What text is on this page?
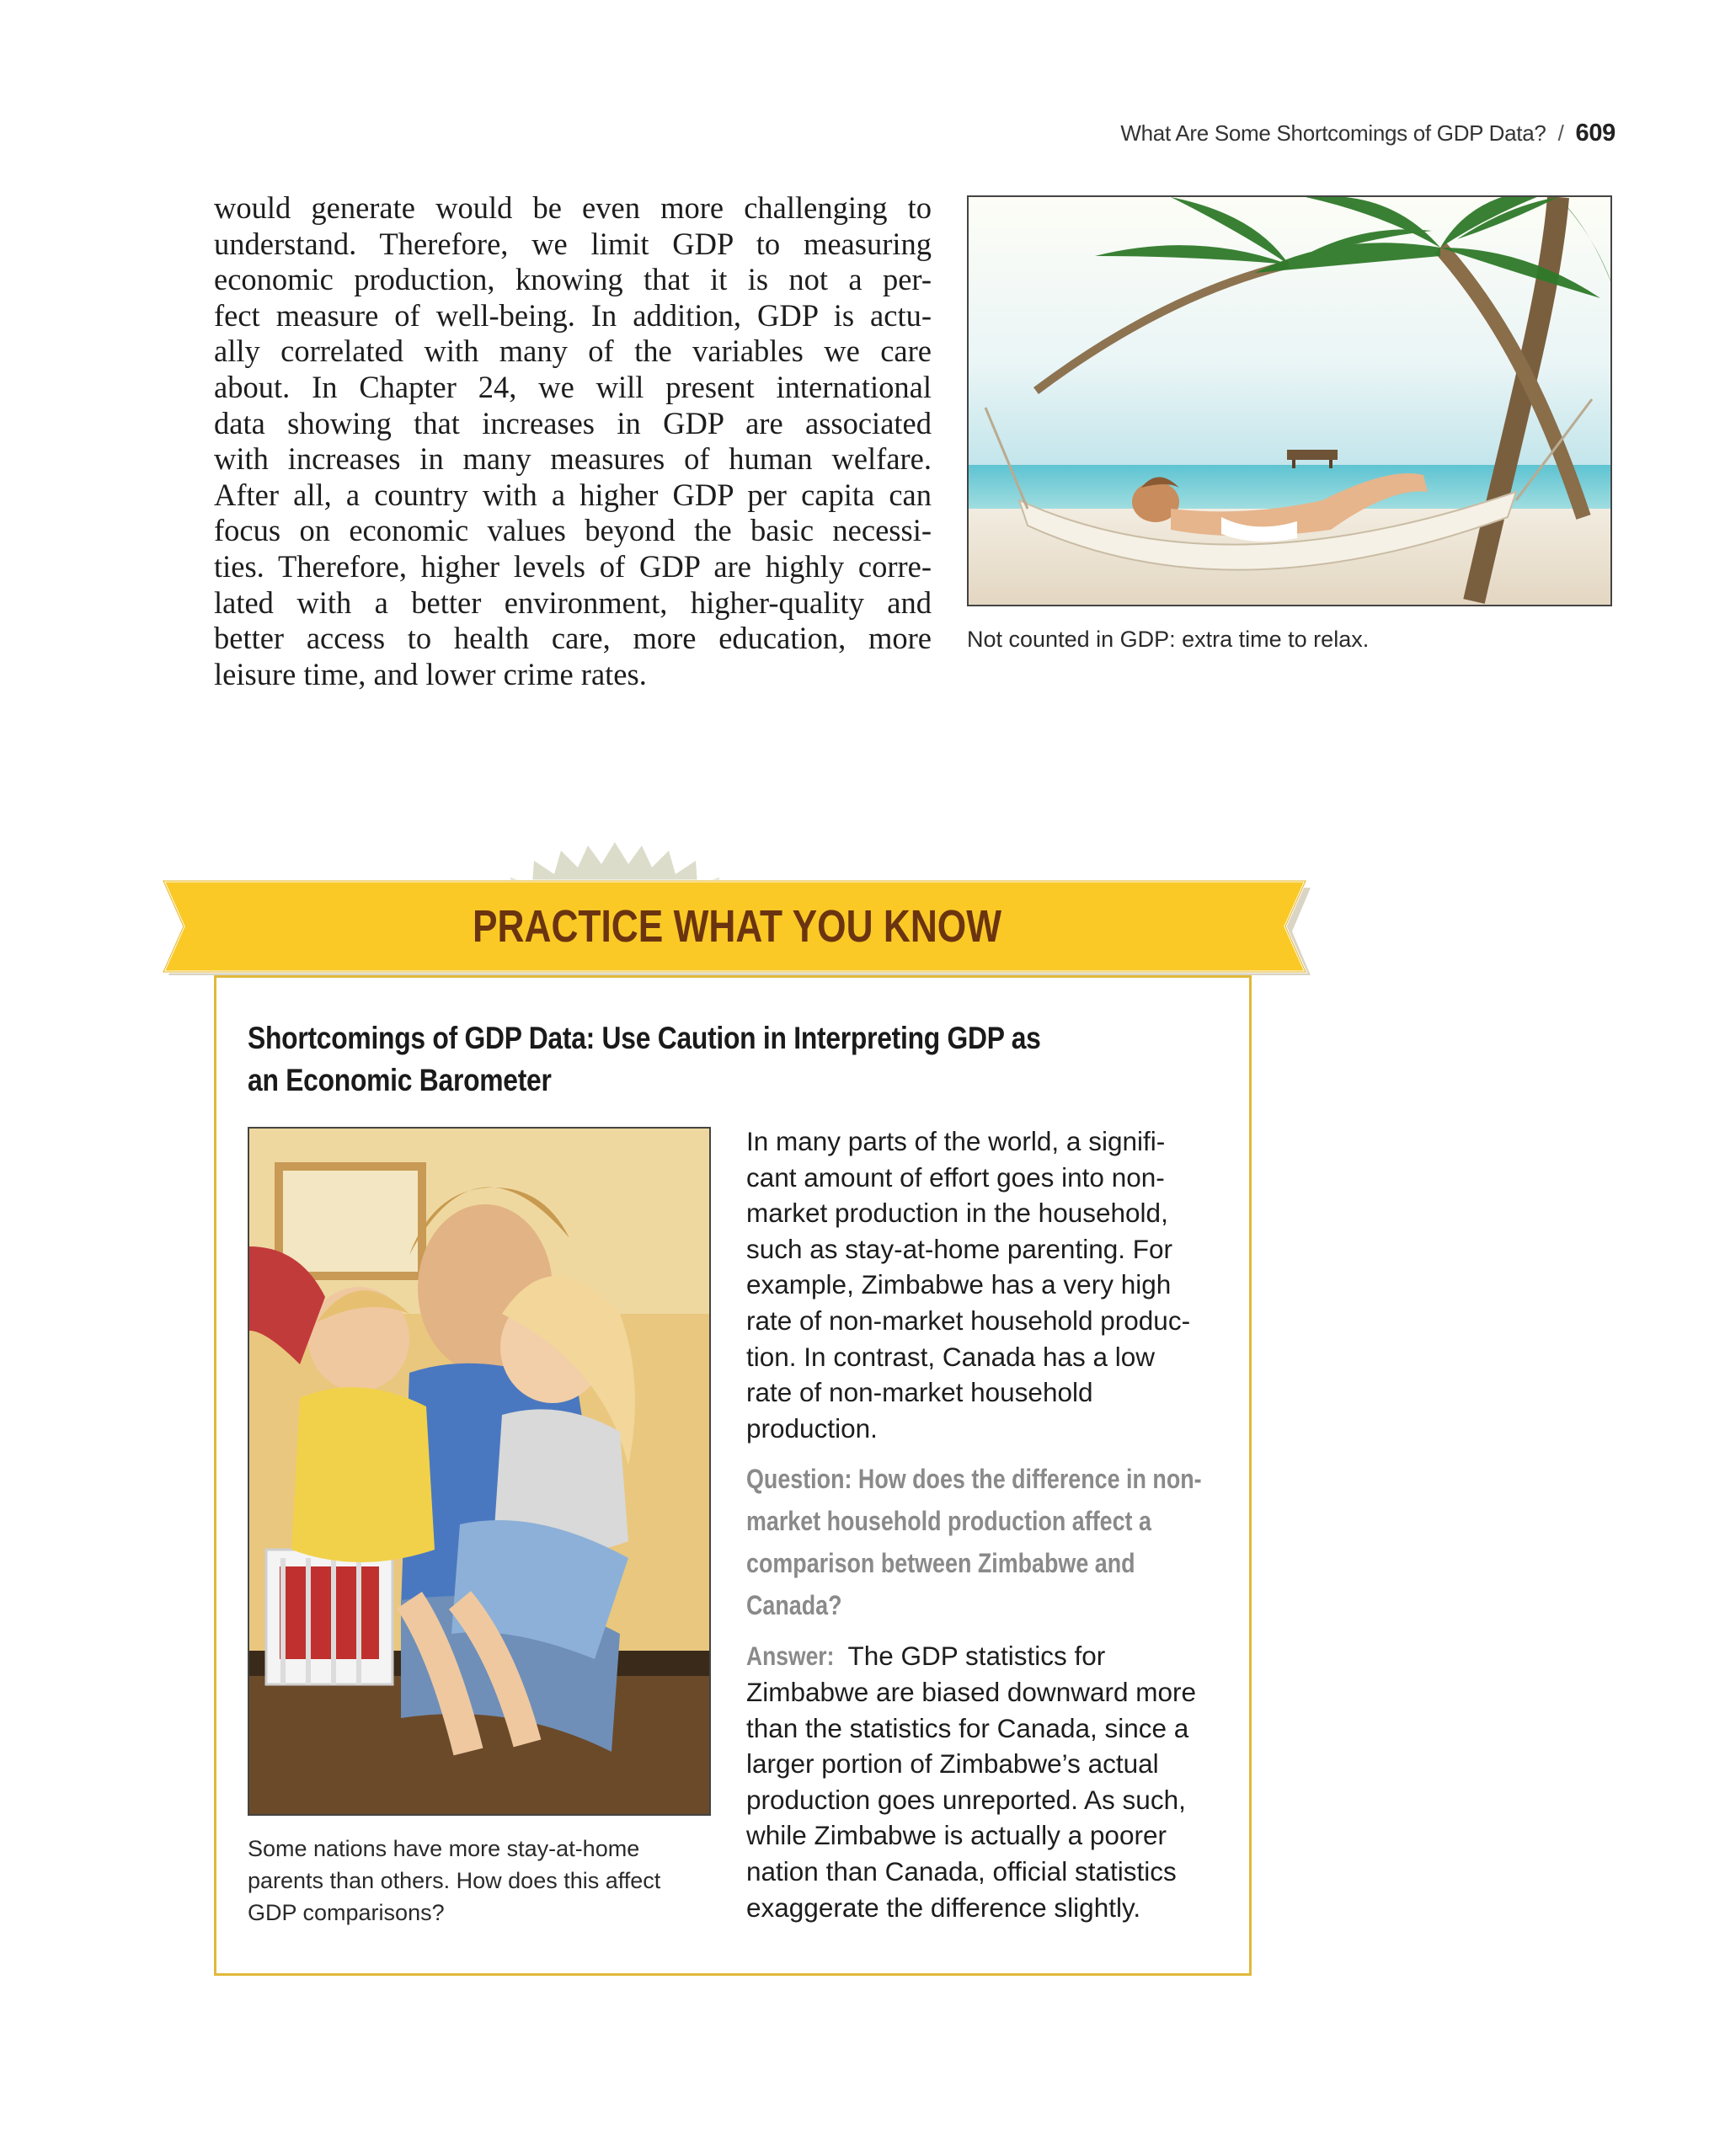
What Are Some Shortcomings of GDP Data? / 609
would generate would be even more challenging to
understand. Therefore, we limit GDP to measuring
economic production, knowing that it is not a per-
fect measure of well-being. In addition, GDP is actu-
ally correlated with many of the variables we care
about. In Chapter 24, we will present international
data showing that increases in GDP are associated
with increases in many measures of human welfare.
After all, a country with a higher GDP per capita can
focus on economic values beyond the basic necessi-
ties. Therefore, higher levels of GDP are highly corre-
lated with a better environment, higher-quality and
better access to health care, more education, more
leisure time, and lower crime rates.
Not counted in GDP: extra time to relax.
PRACTICE WHAT YOU KNOW
Shortcomings of GDP Data: Use Caution in Interpreting GDP as an Economic Barometer
Some nations have more stay-at-home parents than others. How does this affect GDP comparisons?

In many parts of the world, a signifi-
cant amount of effort goes into non-
market production in the household,
such as stay-at-home parenting. For
example, Zimbabwe has a very high
rate of non-market household produc-
tion. In contrast, Canada has a low
rate of non-market household
production.

Question: How does the difference in non-market household production affect a comparison between Zimbabwe and Canada?

Answer: The GDP statistics for Zimbabwe are biased downward more than the statistics for Canada, since a larger portion of Zimbabwe’s actual production goes unreported. As such, while Zimbabwe is actually a poorer nation than Canada, official statistics exaggerate the difference slightly.
